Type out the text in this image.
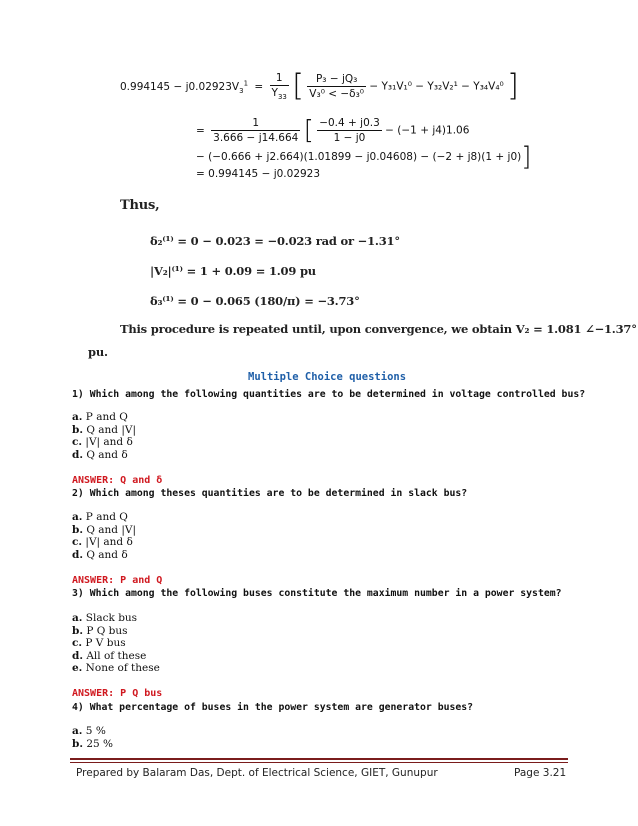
$0.994145 - j0.02923V_3^1 = \frac{1}{Y_{33}}$ [ $\frac{\text{P₃ − jQ₃}}{\text{V₃⁰ < −δ₃⁰}} - Y_{31}V_1^0 - Y_{32}V_2^1 - Y_{34}V_4^0$ ]
= $\frac{1}{3.666 - j14.664}$ [ $\frac{-0.4 + j0.3}{1 - j0} - (-1 + j4)1.06$
− (−0.666 + j2.664)(1.01899 − j0.04608) − (−2 + j8)(1 + j0)]
= 0.994145 − j0.02923
Thus,
δ₂⁽¹⁾ = 0 − 0.023 = −0.023 rad or −1.31°
|V₂|⁽¹⁾ = 1 + 0.09 = 1.09 pu
δ₃⁽¹⁾ = 0 − 0.065 (180/π) = −3.73°
This procedure is repeated until, upon convergence, we obtain V₂ = 1.081 ∠−1.37°
pu.
Multiple Choice questions
1) Which among the following quantities are to be determined in voltage controlled bus?
a. P and Q
b. Q and |V|
c. |V| and δ
d. Q and δ
ANSWER: Q and δ
2) Which among theses quantities are to be determined in slack bus?
a. P and Q
b. Q and |V|
c. |V| and δ
d. Q and δ
ANSWER: P and Q
3) Which among the following buses constitute the maximum number in a power system?
a. Slack bus
b. P Q bus
c. P V bus
d. All of these
e. None of these
ANSWER: P Q bus
4) What percentage of buses in the power system are generator buses?
a. 5 %
b. 25 %
Prepared by Balaram Das, Dept. of Electrical Science, GIET, Gunupur	Page 3.21
